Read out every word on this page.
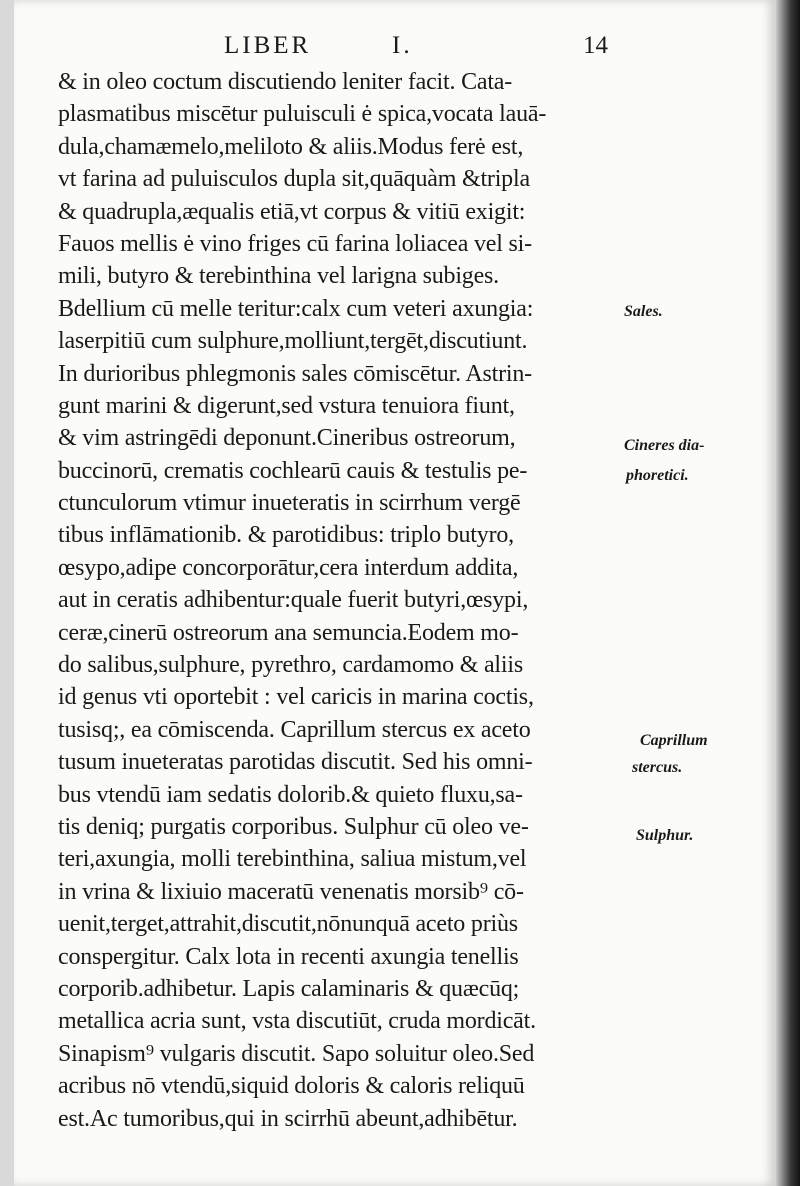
LIBER	I.	14
& in oleo coctum discutiendo leniter facit. Cata-
plasmatibus miscētur puluisculi ė spica,vocata lauā-
dula,chamæmelo,meliloto & aliis.Modus ferė est,
vt farina ad puluisculos dupla sit,quāquàm &tripla
& quadrupla,æqualis etiā,vt corpus & vitiū exigit:
Fauos mellis ė vino friges cū farina loliacea vel si-
mili, butyro & terebinthina vel larigna subiges.
Bdellium cū melle teritur:calx cum veteri axungia:
laserpitiū cum sulphure,molliunt,tergēt,discutiunt.
In durioribus phlegmonis sales cōmiscētur. Astrin-
gunt marini & digerunt,sed vstura tenuiora fiunt,
& vim astringēdi deponunt.Cineribus ostreorum,
buccinorū, crematis cochlearū cauis & testulis pe-
ctunculorum vtimur inueteratis in scirrhum vergē
tibus inflāmationib. & parotidibus: triplo butyro,
œsypo,adipe concorporātur,cera interdum addita,
aut in ceratis adhibentur:quale fuerit butyri,œsypi,
ceræ,cinerū ostreorum ana semuncia.Eodem mo-
do salibus,sulphure, pyrethro, cardamomo & aliis
id genus vti oportebit : vel caricis in marina coctis,
tusisq;, ea cōmiscenda. Caprillum stercus ex aceto
tusum inueteratas parotidas discutit. Sed his omni-
bus vtendū iam sedatis dolorib.& quieto fluxu,sa-
tis deniq; purgatis corporibus. Sulphur cū oleo ve-
teri,axungia, molli terebinthina, saliua mistum,vel
in vrina & lixiuio maceratū venenatis morsib⁹ cō-
uenit,terget,attrahit,discutit,nōnunquā aceto priùs
conspergitur. Calx lota in recenti axungia tenellis
corporib.adhibetur. Lapis calaminaris & quæcūq;
metallica acria sunt, vsta discutiūt, cruda mordicāt.
Sinapism⁹ vulgaris discutit. Sapo soluitur oleo.Sed
acribus nō vtendū,siquid doloris & caloris reliquū
est.Ac tumoribus,qui in scirrhū abeunt,adhibētur.
Sales.
Cineres dia-
phoretici.
Caprillum
stercus.
Sulphur.
